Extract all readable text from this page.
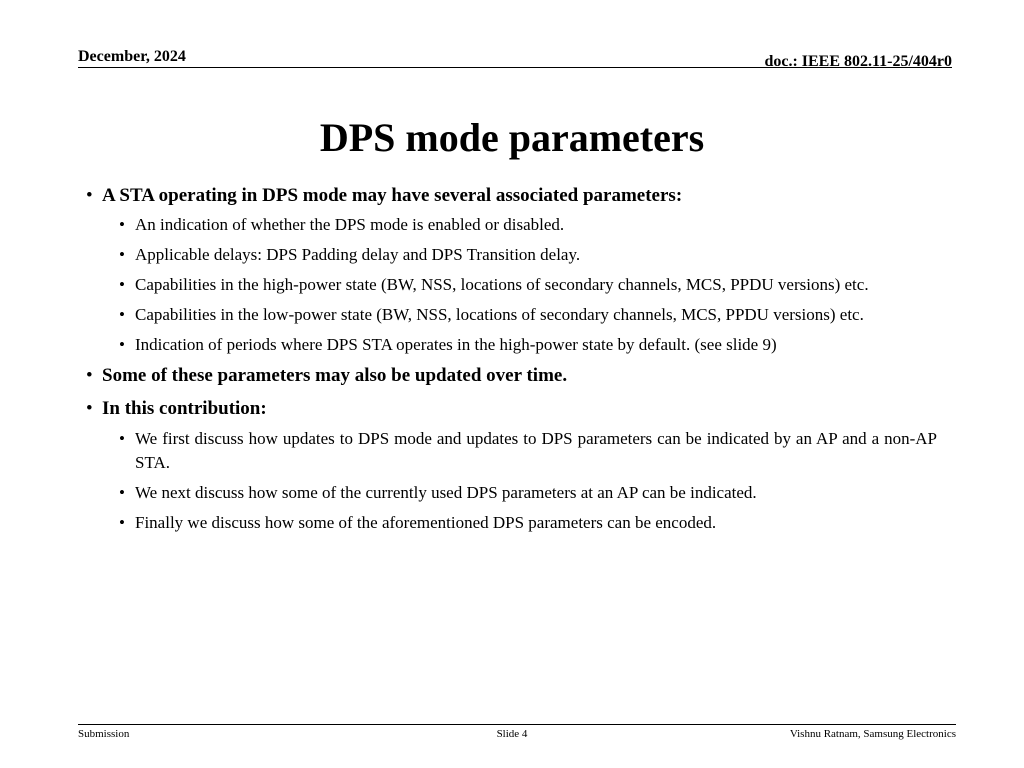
December, 2024	doc.: IEEE 802.11-25/404r0
DPS mode parameters
• A STA operating in DPS mode may have several associated parameters:
• An indication of whether the DPS mode is enabled or disabled.
• Applicable delays: DPS Padding delay and DPS Transition delay.
• Capabilities in the high-power state (BW, NSS, locations of secondary channels, MCS, PPDU versions) etc.
• Capabilities in the low-power state (BW, NSS, locations of secondary channels, MCS, PPDU versions) etc.
• Indication of periods where DPS STA operates in the high-power state by default. (see slide 9)
• Some of these parameters may also be updated over time.
• In this contribution:
• We first discuss how updates to DPS mode and updates to DPS parameters can be indicated by an AP and a non-AP STA.
• We next discuss how some of the currently used DPS parameters at an AP can be indicated.
• Finally we discuss how some of the aforementioned DPS parameters can be encoded.
Submission	Slide 4	Vishnu Ratnam, Samsung Electronics
